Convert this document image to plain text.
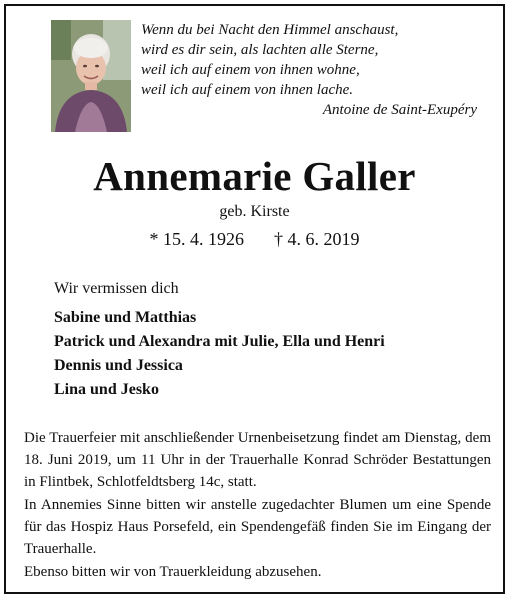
Wenn du bei Nacht den Himmel anschaust,
wird es dir sein, als lachten alle Sterne,
weil ich auf einem von ihnen wohne,
weil ich auf einem von ihnen lache.
Antoine de Saint-Exupéry
Annemarie Galler
geb. Kirste
* 15. 4. 1926 † 4. 6. 2019
Wir vermissen dich
Sabine und Matthias
Patrick und Alexandra mit Julie, Ella und Henri
Dennis und Jessica
Lina und Jesko

Die Trauerfeier mit anschließender Urnenbeisetzung findet am Dienstag, dem 18. Juni 2019, um 11 Uhr in der Trauerhalle Konrad Schröder Bestattungen in Flintbek, Schlotfeldtsberg 14c, statt.

In Annemies Sinne bitten wir anstelle zugedachter Blumen um eine Spende für das Hospiz Haus Porsefeld, ein Spendengefäß finden Sie im Eingang der Trauerhalle.

Ebenso bitten wir von Trauerkleidung abzusehen.
